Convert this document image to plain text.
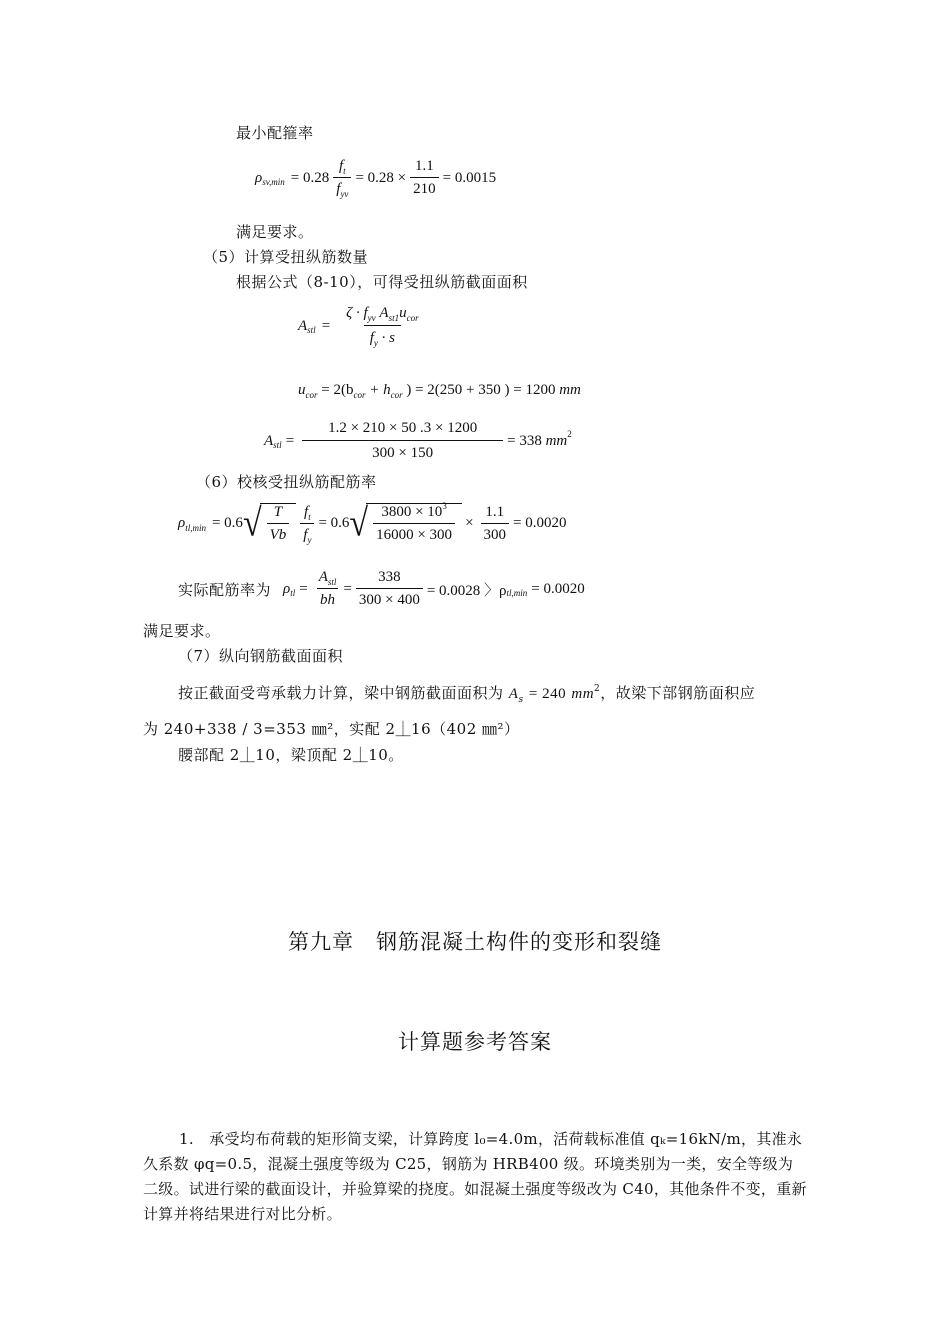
最小配箍率
ρ $sv,\min = 0.28 \frac{f_t}{f_{yv}} = 0.28 \times \frac{1.1}{210} = 0.0015$
满足要求。
（5）计算受扭纵筋数量
根据公式（8-10），可得受扭纵筋截面面积
A stl = $\frac{\zeta \cdot f_{yv} A_{st1}u_{cor}}{f_y \cdot s}$
$u_{cor} = 2(b_{cor} + h_{cor}$ ) = 2(250 + 350 ) = 1200 mm
A stl = $\frac{1.2 \times 210 \times 50 .3 \times 1200}{300 \times 150} = 338$
mm 2
（6）校核受扭纵筋配筋率
ρ tl,min = 0.6 √ $\frac{T}{Vb} \frac{f_t}{f_y} = 0.6$ √ $\frac{3800 \times 10^3}{16000 \times 300} \times \frac{1.1}{300} = 0.0020$
实际配筋率为 ρ tl = $\frac{A_{stl}}{bh} = \frac{338}{300 \times 400} = 0.0028$ 〉ρ tl,min = 0.0020
满足要求。
（7）纵向钢筋截面面积
按正截面受弯承载力计算，梁中钢筋截面面积为 $A_s = 240$ $mm^2$，故梁下部钢筋面积应
为 240+338 / 3=353 ㎜²，实配 2⏊16（402 ㎜²）
腰部配 2⏊10，梁顶配 2⏊10。
第九章　钢筋混凝土构件的变形和裂缝
计算题参考答案
1.　承受均布荷载的矩形简支梁，计算跨度 l₀=4.0m，活荷载标准值 qₖ=16kN/m，其准永久系数 φq=0.5，混凝土强度等级为 C25，钢筋为 HRB400 级。环境类别为一类，安全等级为二级。试进行梁的截面设计，并验算梁的挠度。如混凝土强度等级改为 C40，其他条件不变，重新计算并将结果进行对比分析。
